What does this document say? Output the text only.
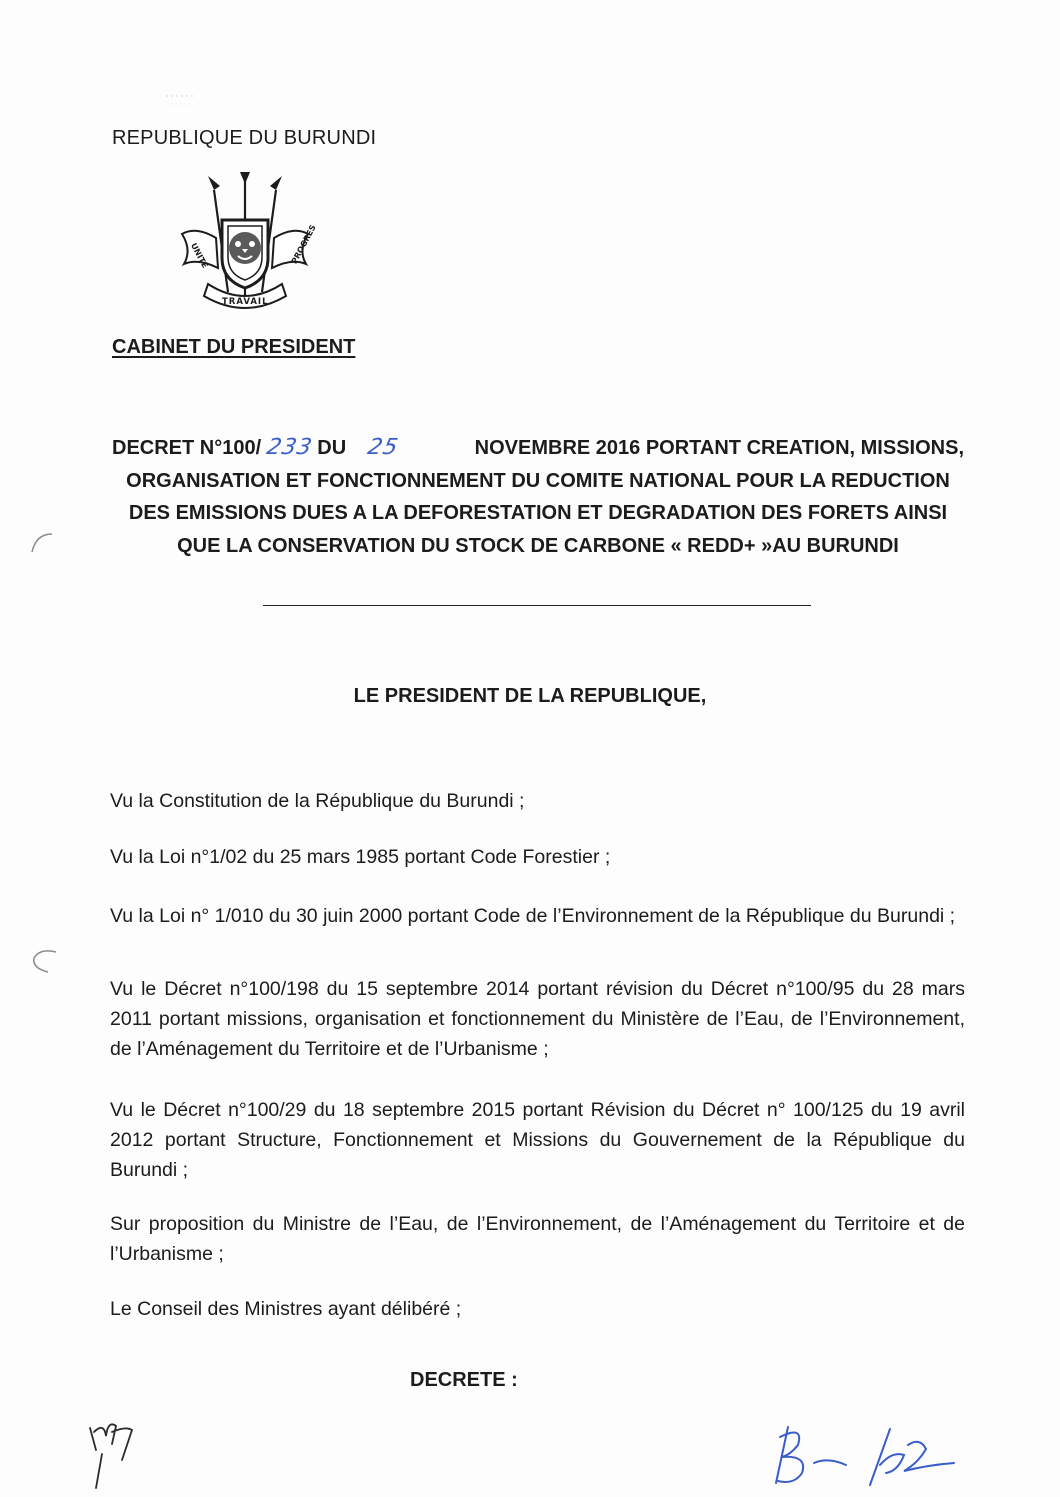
REPUBLIQUE DU BURUNDI
UNITE
TRAVAIL
PROGRES
CABINET DU PRESIDENT
DECRET N°100/ 233 DU 25	NOVEMBRE 2016 PORTANT CREATION, MISSIONS,
ORGANISATION ET FONCTIONNEMENT DU COMITE NATIONAL POUR LA REDUCTION
DES EMISSIONS DUES A LA DEFORESTATION ET DEGRADATION DES FORETS AINSI
QUE LA CONSERVATION DU STOCK DE CARBONE « REDD+ »AU BURUNDI
LE PRESIDENT DE LA REPUBLIQUE,
Vu la Constitution de la République du Burundi ;
Vu la Loi n°1/02 du 25 mars 1985 portant Code Forestier ;
Vu la Loi n° 1/010 du 30 juin 2000 portant Code de l’Environnement de la République du Burundi ;
Vu le Décret n°100/198 du 15 septembre 2014 portant révision du Décret n°100/95 du 28 mars 2011 portant missions, organisation et fonctionnement du Ministère de l’Eau, de l’Environnement, de l’Aménagement du Territoire et de l’Urbanisme ;
Vu le Décret n°100/29 du 18 septembre 2015 portant Révision du Décret n° 100/125 du 19 avril 2012 portant Structure, Fonctionnement et Missions du Gouvernement de la République du Burundi ;
Sur proposition du Ministre de l’Eau, de l’Environnement, de l’Aménagement du Territoire et de l’Urbanisme ;
Le Conseil des Ministres ayant délibéré ;
DECRETE :
